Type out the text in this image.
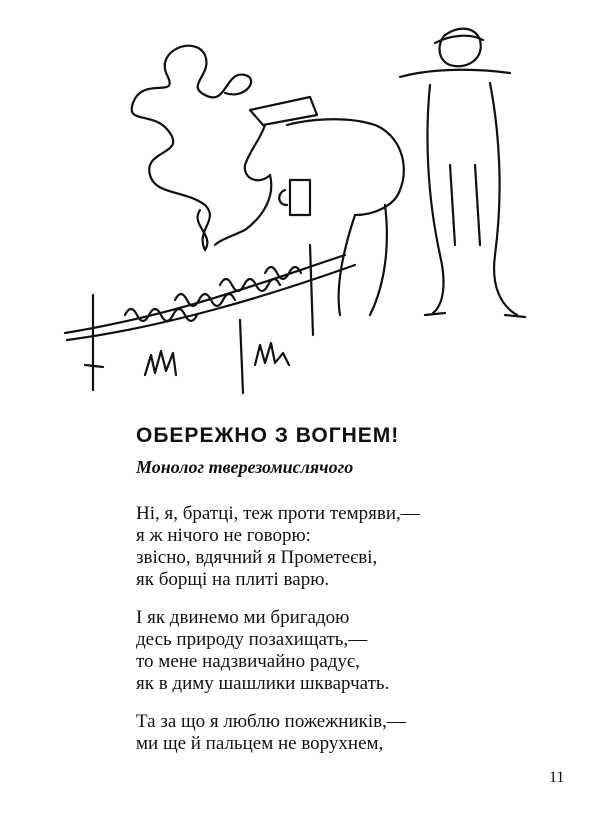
ОБЕРЕЖНО З ВОГНЕМ!
Монолог тверезомислячого
Ні, я, братці, теж проти темряви,—
я ж нічого не говорю:
звісно, вдячний я Прометеєві,
як борщі на плиті варю.
І як двинемо ми бригадою
десь природу позахищать,—
то мене надзвичайно радує,
як в диму шашлики шкварчать.
Та за що я люблю пожежників,—
ми ще й пальцем не ворухнем,
11
